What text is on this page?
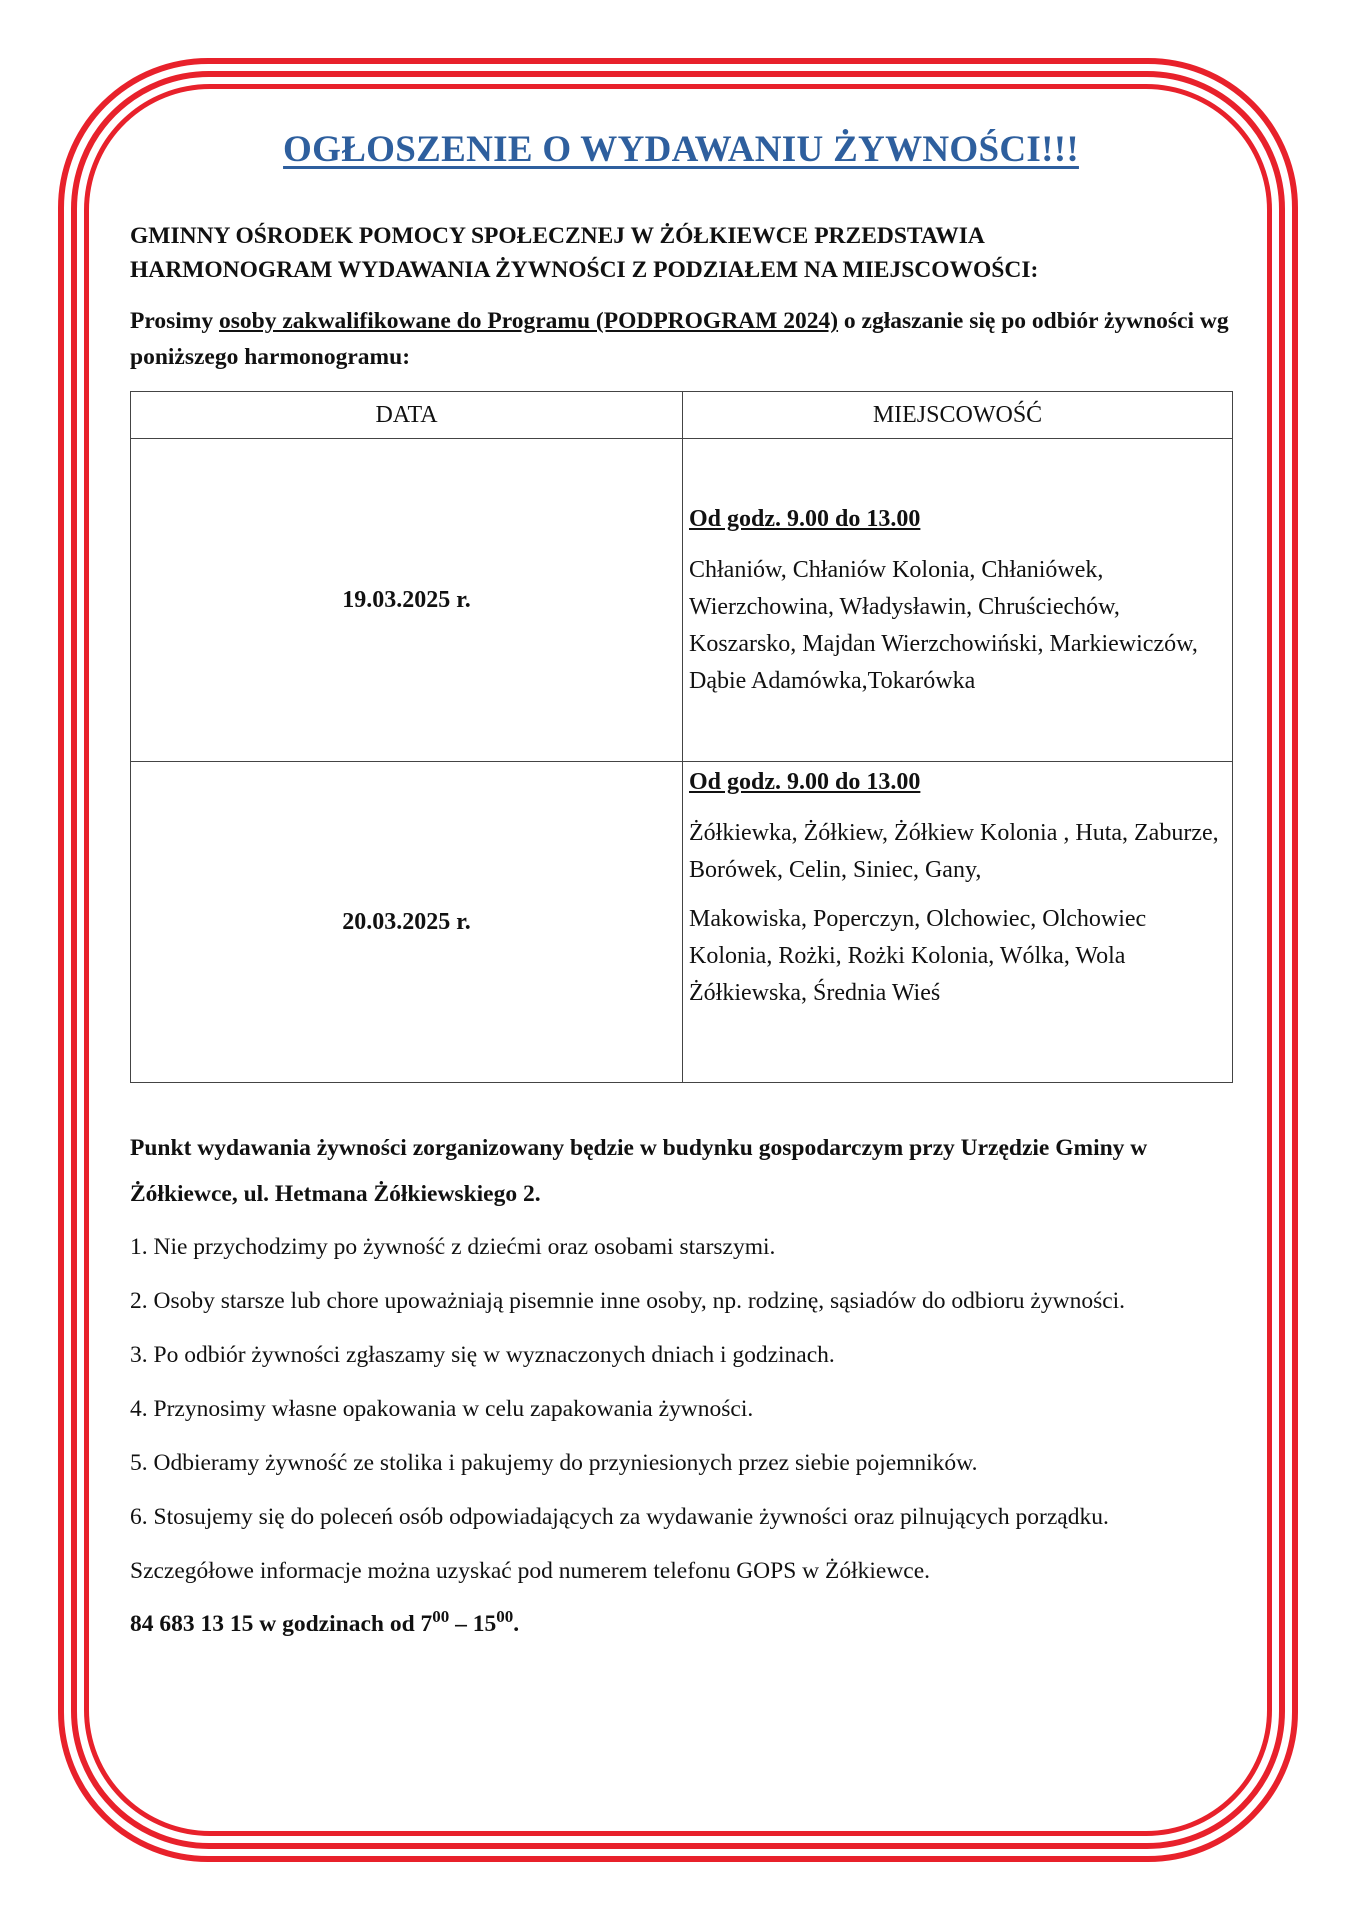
OGŁOSZENIE O WYDAWANIU ŻYWNOŚCI!!!
GMINNY OŚRODEK POMOCY SPOŁECZNEJ W ŻÓŁKIEWCE PRZEDSTAWIA
HARMONOGRAM WYDAWANIA ŻYWNOŚCI Z PODZIAŁEM NA MIEJSCOWOŚCI:
Prosimy osoby zakwalifikowane do Programu (PODPROGRAM 2024) o zgłaszanie się po odbiór żywności wg poniższego harmonogramu:
DATA	MIEJSCOWOŚĆ
19.03.2025 r.	Od godz. 9.00 do 13.00
Chłaniów, Chłaniów Kolonia, Chłaniówek, Wierzchowina, Władysławin, Chruściechów, Koszarsko, Majdan Wierzchowiński, Markiewiczów, Dąbie Adamówka,Tokarówka

20.03.2025 r.	Od godz. 9.00 do 13.00
Żółkiewka, Żółkiew, Żółkiew Kolonia , Huta, Zaburze, Borówek, Celin, Siniec, Gany,
Makowiska, Poperczyn, Olchowiec, Olchowiec Kolonia, Rożki, Rożki Kolonia, Wólka, Wola Żółkiewska, Średnia Wieś
Punkt wydawania żywności zorganizowany będzie w budynku gospodarczym przy Urzędzie Gminy w Żółkiewce, ul. Hetmana Żółkiewskiego 2.

1. Nie przychodzimy po żywność z dziećmi oraz osobami starszymi.

2. Osoby starsze lub chore upoważniają pisemnie inne osoby, np. rodzinę, sąsiadów do odbioru żywności.

3. Po odbiór żywności zgłaszamy się w wyznaczonych dniach i godzinach.

4. Przynosimy własne opakowania w celu zapakowania żywności.

5. Odbieramy żywność ze stolika i pakujemy do przyniesionych przez siebie pojemników.

6. Stosujemy się do poleceń osób odpowiadających za wydawanie żywności oraz pilnujących porządku.

Szczegółowe informacje można uzyskać pod numerem telefonu GOPS w Żółkiewce.

84 683 13 15 w godzinach od $7^{00} - 15^{00}$.
